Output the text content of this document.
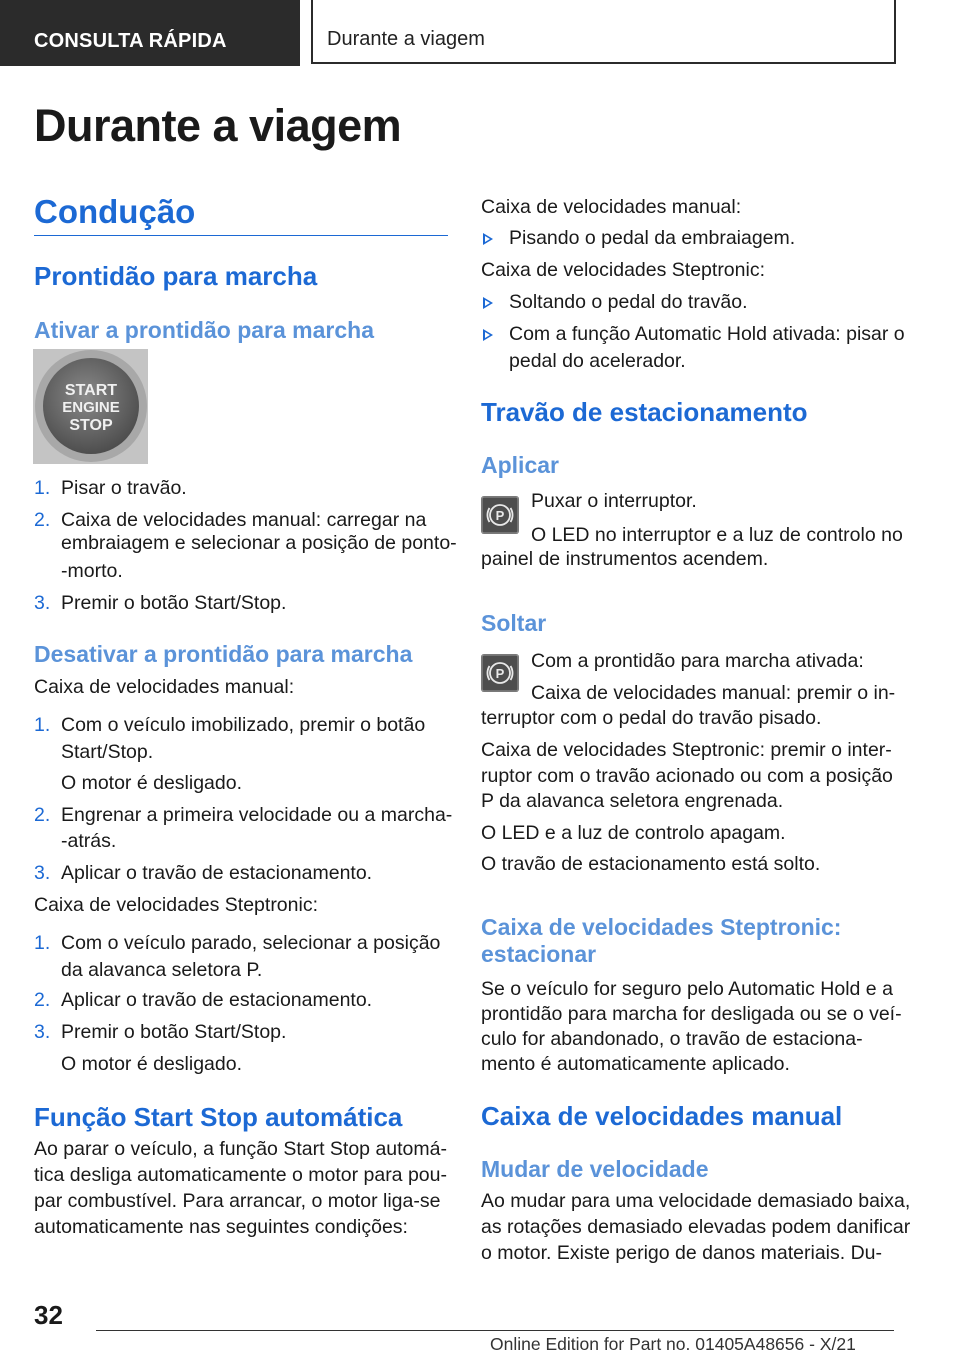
CONSULTA RÁPIDA	Durante a viagem
Durante a viagem
Condução
Prontidão para marcha
Ativar a prontidão para marcha
START
ENGINE
STOP
1. Pisar o travão.
2. Caixa de velocidades manual: carregar na
embraiagem e selecionar a posição de ponto-
-morto.
3. Premir o botão Start/Stop.
Desativar a prontidão para marcha
Caixa de velocidades manual:
1. Com o veículo imobilizado, premir o botão
Start/Stop.
O motor é desligado.
2. Engrenar a primeira velocidade ou a marcha-
-atrás.
3. Aplicar o travão de estacionamento.
Caixa de velocidades Steptronic:
1. Com o veículo parado, selecionar a posição
da alavanca seletora P.
2. Aplicar o travão de estacionamento.
3. Premir o botão Start/Stop.
O motor é desligado.
Função Start Stop automática
Ao parar o veículo, a função Start Stop automá-
tica desliga automaticamente o motor para pou-
par combustível. Para arrancar, o motor liga-se
automaticamente nas seguintes condições:
Caixa de velocidades manual:
Pisando o pedal da embraiagem.
Caixa de velocidades Steptronic:
Soltando o pedal do travão.
Com a função Automatic Hold ativada: pisar o
pedal do acelerador.
Travão de estacionamento
Aplicar
P
Puxar o interruptor.
O LED no interruptor e a luz de controlo no
painel de instrumentos acendem.
Soltar
P
Com a prontidão para marcha ativada:
Caixa de velocidades manual: premir o in-
terruptor com o pedal do travão pisado.
Caixa de velocidades Steptronic: premir o inter-
ruptor com o travão acionado ou com a posição
P da alavanca seletora engrenada.
O LED e a luz de controlo apagam.
O travão de estacionamento está solto.
Caixa de velocidades Steptronic:
estacionar
Se o veículo for seguro pelo Automatic Hold e a
prontidão para marcha for desligada ou se o veí-
culo for abandonado, o travão de estaciona-
mento é automaticamente aplicado.
Caixa de velocidades manual
Mudar de velocidade
Ao mudar para uma velocidade demasiado baixa,
as rotações demasiado elevadas podem danificar
o motor. Existe perigo de danos materiais. Du-
32
Online Edition for Part no. 01405A48656 - X/21
